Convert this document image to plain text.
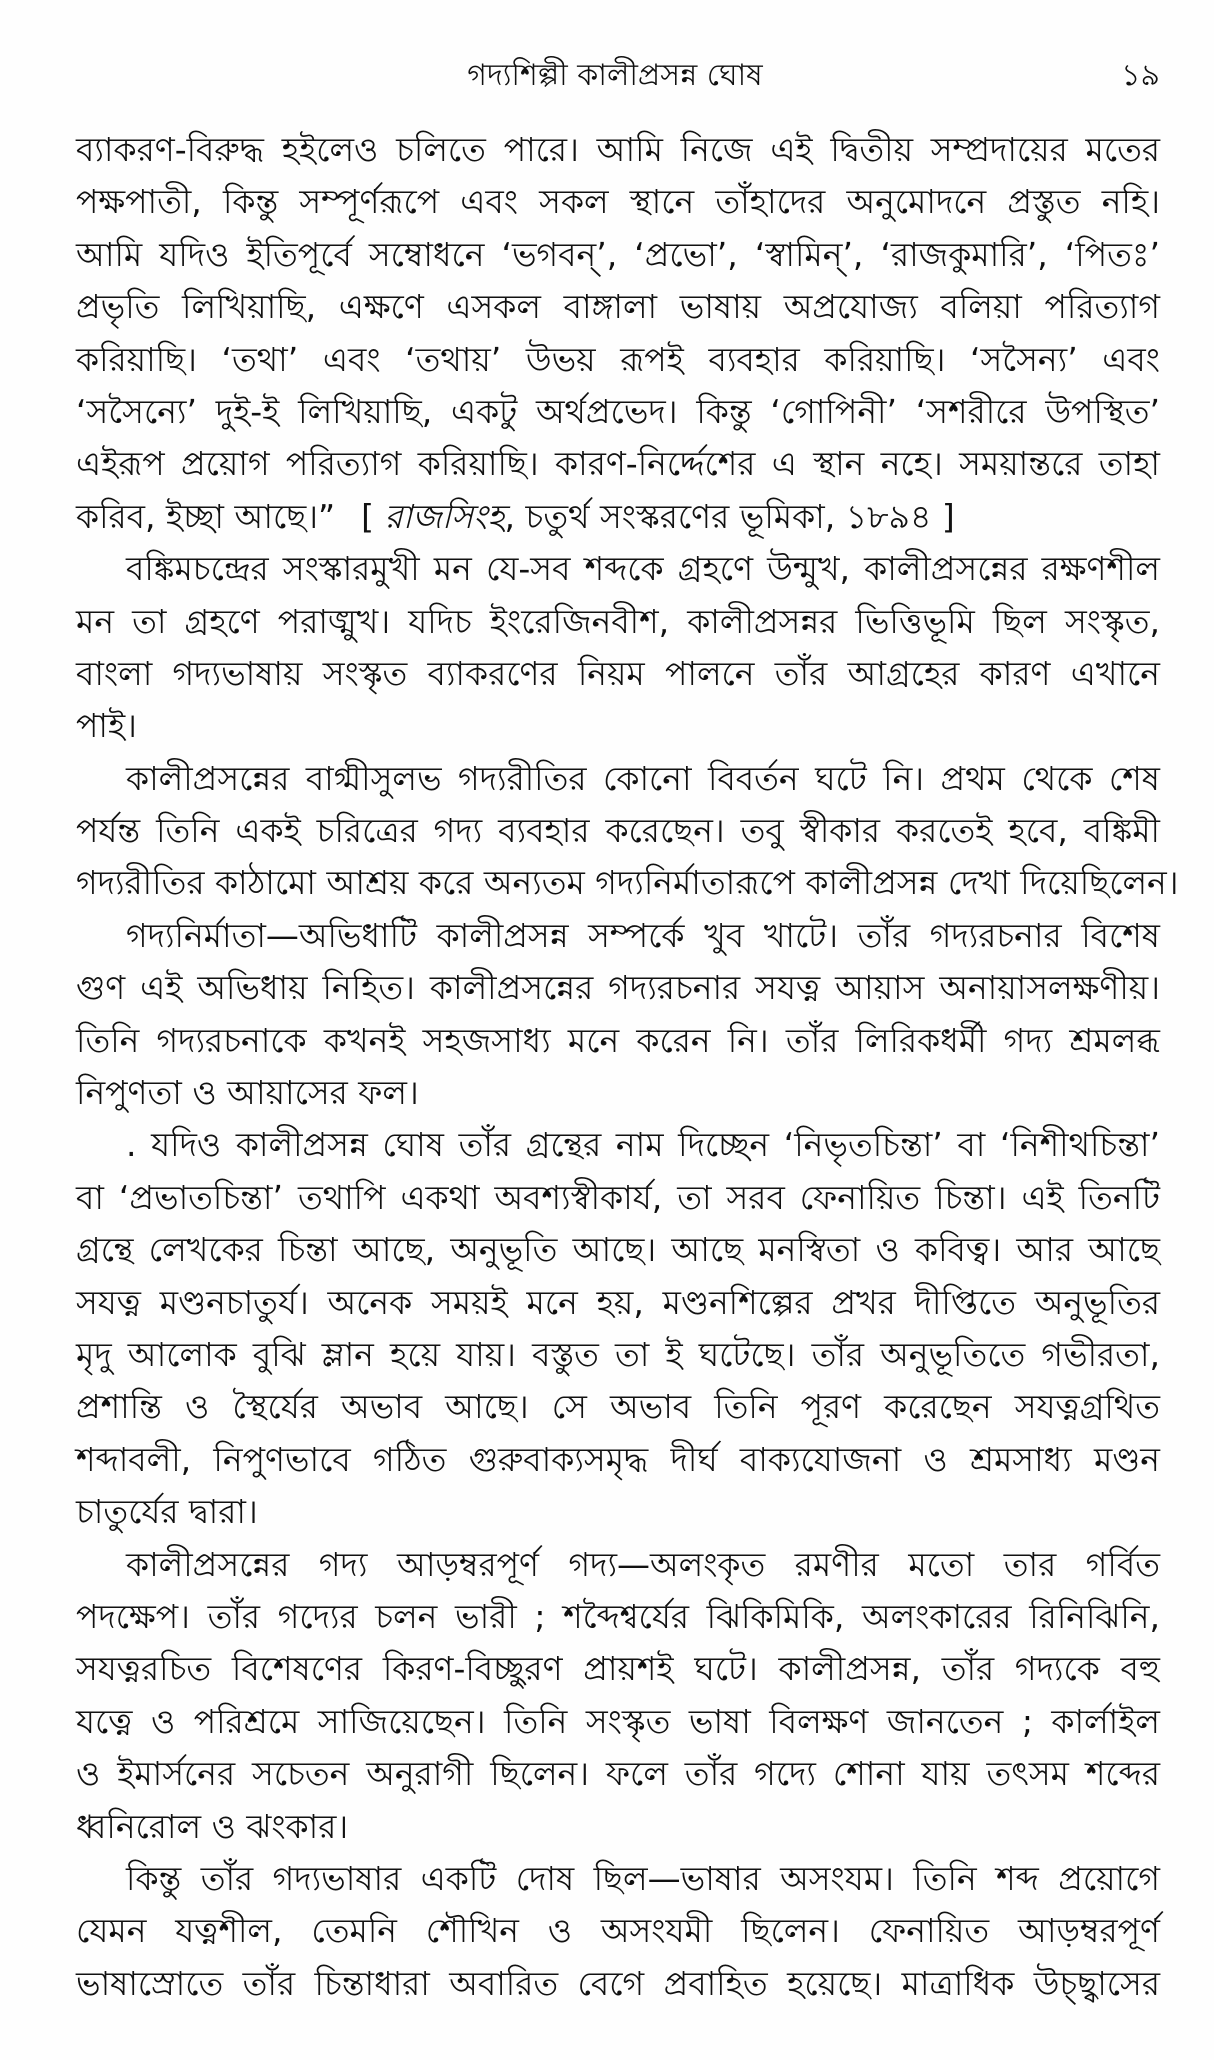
গদ্যশিল্পী কালীপ্রসন্ন ঘোষ	১৯
ব্যাকরণ-বিরুদ্ধ হইলেও চলিতে পারে। আমি নিজে এই দ্বিতীয় সম্প্রদায়ের মতের
পক্ষপাতী, কিন্তু সম্পূর্ণরূপে এবং সকল স্থানে তাঁহাদের অনুমোদনে প্রস্তুত নহি।
আমি যদিও ইতিপূর্বে সম্বোধনে ‘ভগবন্’, ‘প্রভো’, ‘স্বামিন্’, ‘রাজকুমারি’, ‘পিতঃ’
প্রভৃতি লিখিয়াছি, এক্ষণে এসকল বাঙ্গালা ভাষায় অপ্রযোজ্য বলিয়া পরিত্যাগ
করিয়াছি। ‘তথা’ এবং ‘তথায়’ উভয় রূপই ব্যবহার করিয়াছি। ‘সসৈন্য’ এবং
‘সসৈন্যে’ দুই-ই লিখিয়াছি, একটু অর্থপ্রভেদ। কিন্তু ‘গোপিনী’ ‘সশরীরে উপস্থিত’
এইরূপ প্রয়োগ পরিত্যাগ করিয়াছি। কারণ-নির্দ্দেশের এ স্থান নহে। সময়ান্তরে তাহা
করিব, ইচ্ছা আছে।” [ রাজসিংহ, চতুর্থ সংস্করণের ভূমিকা, ১৮৯৪ ]
বঙ্কিমচন্দ্রের সংস্কারমুখী মন যে-সব শব্দকে গ্রহণে উন্মুখ, কালীপ্রসন্নের রক্ষণশীল
মন তা গ্রহণে পরাঙ্মুখ। যদিচ ইংরেজিনবীশ, কালীপ্রসন্নর ভিত্তিভূমি ছিল সংস্কৃত,
বাংলা গদ্যভাষায় সংস্কৃত ব্যাকরণের নিয়ম পালনে তাঁর আগ্রহের কারণ এখানে
পাই।
কালীপ্রসন্নের বাগ্মীসুলভ গদ্যরীতির কোনো বিবর্তন ঘটে নি। প্রথম থেকে শেষ
পর্যন্ত তিনি একই চরিত্রের গদ্য ব্যবহার করেছেন। তবু স্বীকার করতেই হবে, বঙ্কিমী
গদ্যরীতির কাঠামো আশ্রয় করে অন্যতম গদ্যনির্মাতারূপে কালীপ্রসন্ন দেখা দিয়েছিলেন।
গদ্যনির্মাতা—অভিধাটি কালীপ্রসন্ন সম্পর্কে খুব খাটে। তাঁর গদ্যরচনার বিশেষ
গুণ এই অভিধায় নিহিত। কালীপ্রসন্নের গদ্যরচনার সযত্ন আয়াস অনায়াসলক্ষণীয়।
তিনি গদ্যরচনাকে কখনই সহজসাধ্য মনে করেন নি। তাঁর লিরিকধর্মী গদ্য শ্রমলব্ধ
নিপুণতা ও আয়াসের ফল।
. যদিও কালীপ্রসন্ন ঘোষ তাঁর গ্রন্থের নাম দিচ্ছেন ‘নিভৃতচিন্তা’ বা ‘নিশীথচিন্তা’
বা ‘প্রভাতচিন্তা’ তথাপি একথা অবশ্যস্বীকার্য, তা সরব ফেনায়িত চিন্তা। এই তিনটি
গ্রন্থে লেখকের চিন্তা আছে, অনুভূতি আছে। আছে মনস্বিতা ও কবিত্ব। আর আছে
সযত্ন মণ্ডনচাতুর্য। অনেক সময়ই মনে হয়, মণ্ডনশিল্পের প্রখর দীপ্তিতে অনুভূতির
মৃদু আলোক বুঝি ম্লান হয়ে যায়। বস্তুত তা ই ঘটেছে। তাঁর অনুভূতিতে গভীরতা,
প্রশান্তি ও স্থৈর্যের অভাব আছে। সে অভাব তিনি পূরণ করেছেন সযত্নগ্রথিত
শব্দাবলী, নিপুণভাবে গঠিত গুরুবাক্যসমৃদ্ধ দীর্ঘ বাক্যযোজনা ও শ্রমসাধ্য মণ্ডন
চাতুর্যের দ্বারা।
কালীপ্রসন্নের গদ্য আড়ম্বরপূর্ণ গদ্য—অলংকৃত রমণীর মতো তার গর্বিত
পদক্ষেপ। তাঁর গদ্যের চলন ভারী ; শব্দৈশ্বর্যের ঝিকিমিকি, অলংকারের রিনিঝিনি,
সযত্নরচিত বিশেষণের কিরণ-বিচ্ছুরণ প্রায়শই ঘটে। কালীপ্রসন্ন, তাঁর গদ্যকে বহু
যত্নে ও পরিশ্রমে সাজিয়েছেন। তিনি সংস্কৃত ভাষা বিলক্ষণ জানতেন ; কার্লাইল
ও ইমার্সনের সচেতন অনুরাগী ছিলেন। ফলে তাঁর গদ্যে শোনা যায় তৎসম শব্দের
ধ্বনিরোল ও ঝংকার।
কিন্তু তাঁর গদ্যভাষার একটি দোষ ছিল—ভাষার অসংযম। তিনি শব্দ প্রয়োগে
যেমন যত্নশীল, তেমনি শৌখিন ও অসংযমী ছিলেন। ফেনায়িত আড়ম্বরপূর্ণ
ভাষাস্রোতে তাঁর চিন্তাধারা অবারিত বেগে প্রবাহিত হয়েছে। মাত্রাধিক উচ্ছ্বাসের
